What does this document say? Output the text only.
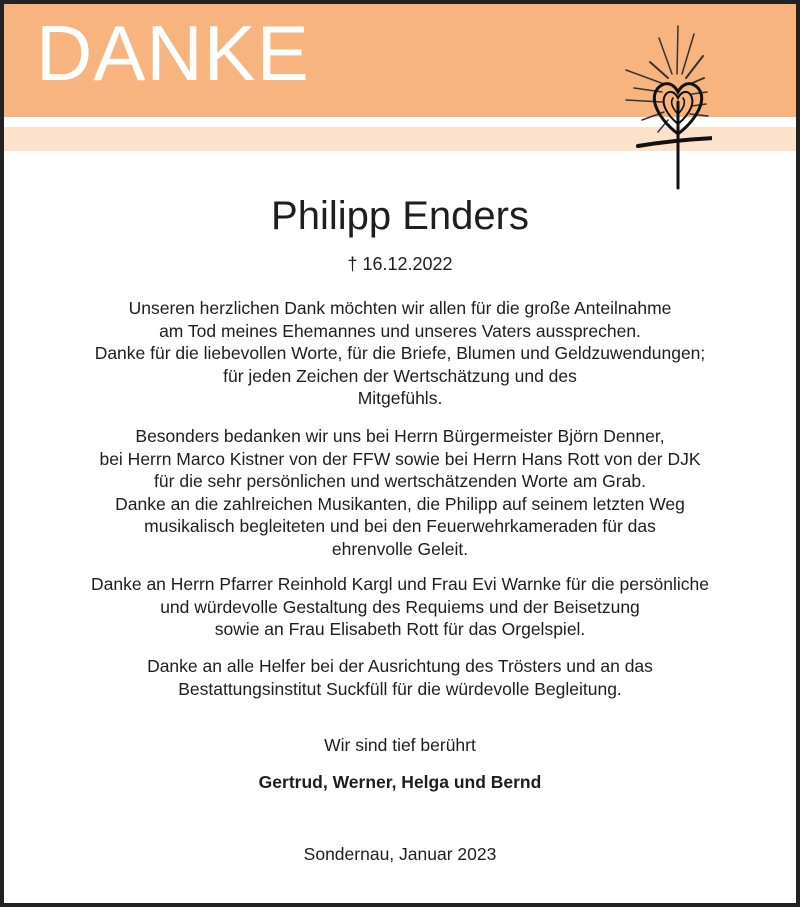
DANKE
Philipp Enders
† 16.12.2022
Unseren herzlichen Dank möchten wir allen für die große Anteilnahme
am Tod meines Ehemannes und unseres Vaters aussprechen.
Danke für die liebevollen Worte, für die Briefe, Blumen und Geldzuwendungen;
für jeden Zeichen der Wertschätzung und des
Mitgefühls.
Besonders bedanken wir uns bei Herrn Bürgermeister Björn Denner,
bei Herrn Marco Kistner von der FFW sowie bei Herrn Hans Rott von der DJK
für die sehr persönlichen und wertschätzenden Worte am Grab.
Danke an die zahlreichen Musikanten, die Philipp auf seinem letzten Weg
musikalisch begleiteten und bei den Feuerwehrkameraden für das
ehrenvolle Geleit.
Danke an Herrn Pfarrer Reinhold Kargl und Frau Evi Warnke für die persönliche
und würdevolle Gestaltung des Requiems und der Beisetzung
sowie an Frau Elisabeth Rott für das Orgelspiel.
Danke an alle Helfer bei der Ausrichtung des Trösters und an das
Bestattungsinstitut Suckfüll für die würdevolle Begleitung.
Wir sind tief berührt
Gertrud, Werner, Helga und Bernd
Sondernau, Januar 2023
